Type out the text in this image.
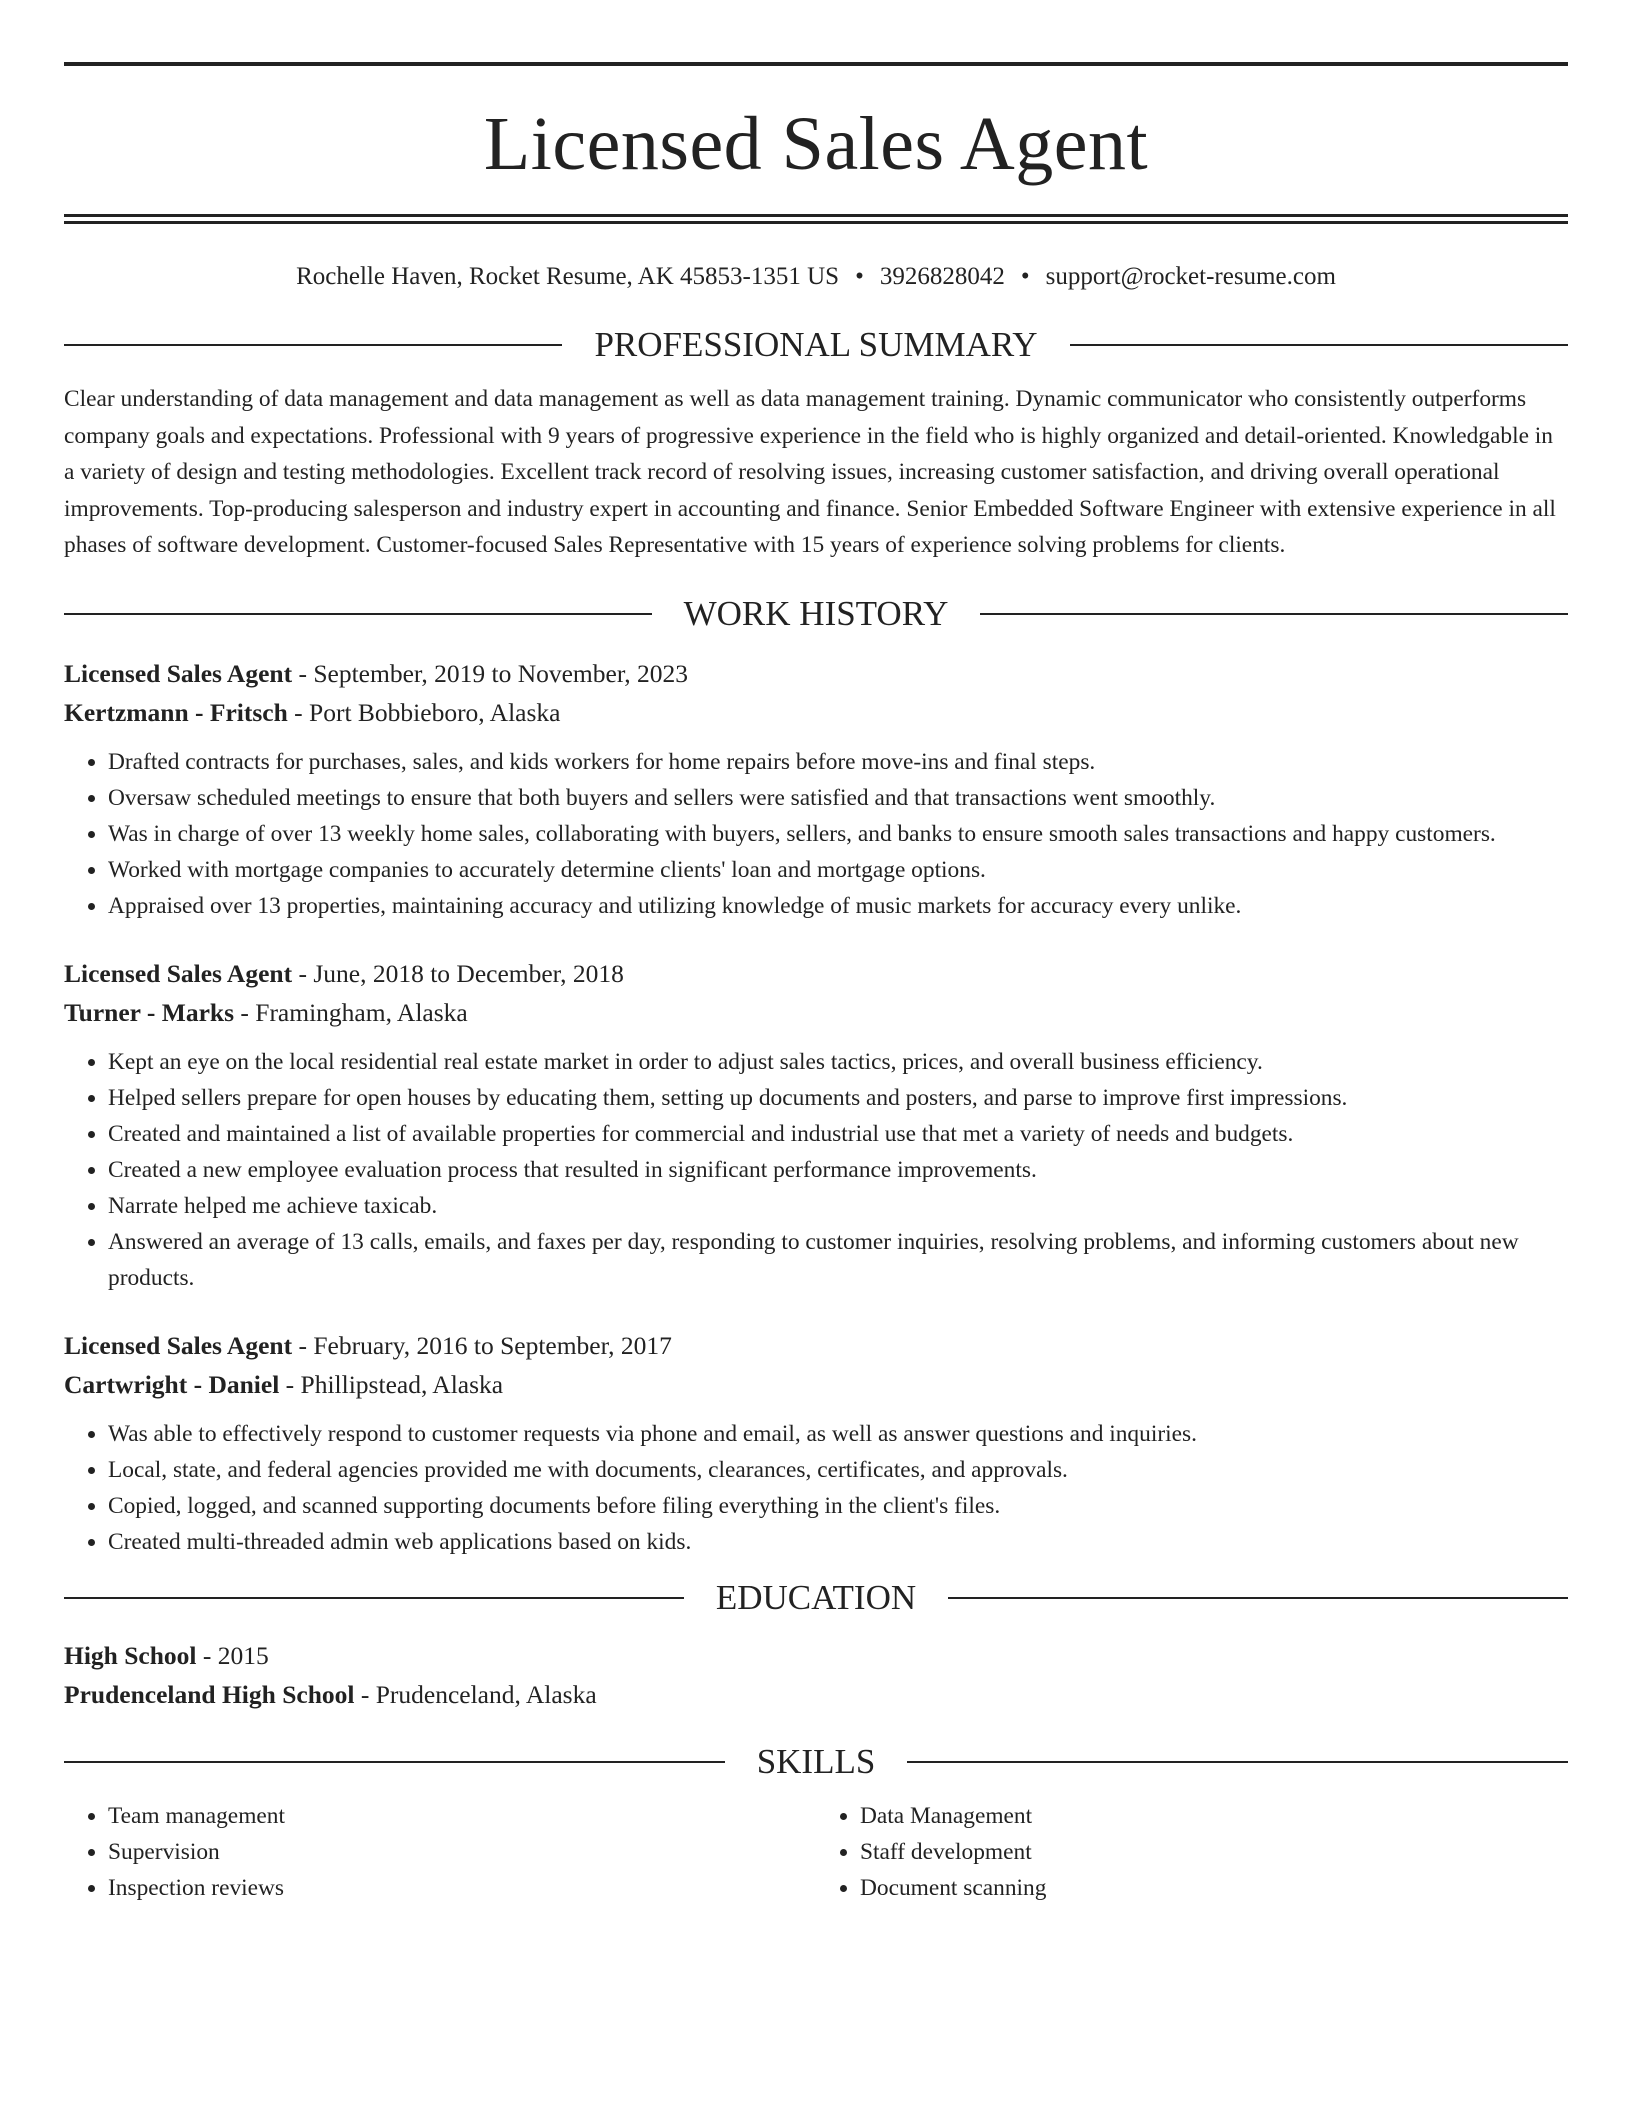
Licensed Sales Agent
Rochelle Haven, Rocket Resume, AK 45853-1351 US • 3926828042 • support@rocket-resume.com
PROFESSIONAL SUMMARY
Clear understanding of data management and data management as well as data management training. Dynamic communicator who consistently outperforms company goals and expectations. Professional with 9 years of progressive experience in the field who is highly organized and detail-oriented. Knowledgable in a variety of design and testing methodologies. Excellent track record of resolving issues, increasing customer satisfaction, and driving overall operational improvements. Top-producing salesperson and industry expert in accounting and finance. Senior Embedded Software Engineer with extensive experience in all phases of software development. Customer-focused Sales Representative with 15 years of experience solving problems for clients.
WORK HISTORY
Licensed Sales Agent - September, 2019 to November, 2023
Kertzmann - Fritsch - Port Bobbieboro, Alaska
• Drafted contracts for purchases, sales, and kids workers for home repairs before move-ins and final steps.
• Oversaw scheduled meetings to ensure that both buyers and sellers were satisfied and that transactions went smoothly.
• Was in charge of over 13 weekly home sales, collaborating with buyers, sellers, and banks to ensure smooth sales transactions and happy customers.
• Worked with mortgage companies to accurately determine clients' loan and mortgage options.
• Appraised over 13 properties, maintaining accuracy and utilizing knowledge of music markets for accuracy every unlike.
Licensed Sales Agent - June, 2018 to December, 2018
Turner - Marks - Framingham, Alaska
• Kept an eye on the local residential real estate market in order to adjust sales tactics, prices, and overall business efficiency.
• Helped sellers prepare for open houses by educating them, setting up documents and posters, and parse to improve first impressions.
• Created and maintained a list of available properties for commercial and industrial use that met a variety of needs and budgets.
• Created a new employee evaluation process that resulted in significant performance improvements.
• Narrate helped me achieve taxicab.
• Answered an average of 13 calls, emails, and faxes per day, responding to customer inquiries, resolving problems, and informing customers about new products.
Licensed Sales Agent - February, 2016 to September, 2017
Cartwright - Daniel - Phillipstead, Alaska
• Was able to effectively respond to customer requests via phone and email, as well as answer questions and inquiries.
• Local, state, and federal agencies provided me with documents, clearances, certificates, and approvals.
• Copied, logged, and scanned supporting documents before filing everything in the client's files.
• Created multi-threaded admin web applications based on kids.
EDUCATION
High School - 2015
Prudenceland High School - Prudenceland, Alaska
SKILLS
• Team management
• Supervision
• Inspection reviews
• Data Management
• Staff development
• Document scanning
